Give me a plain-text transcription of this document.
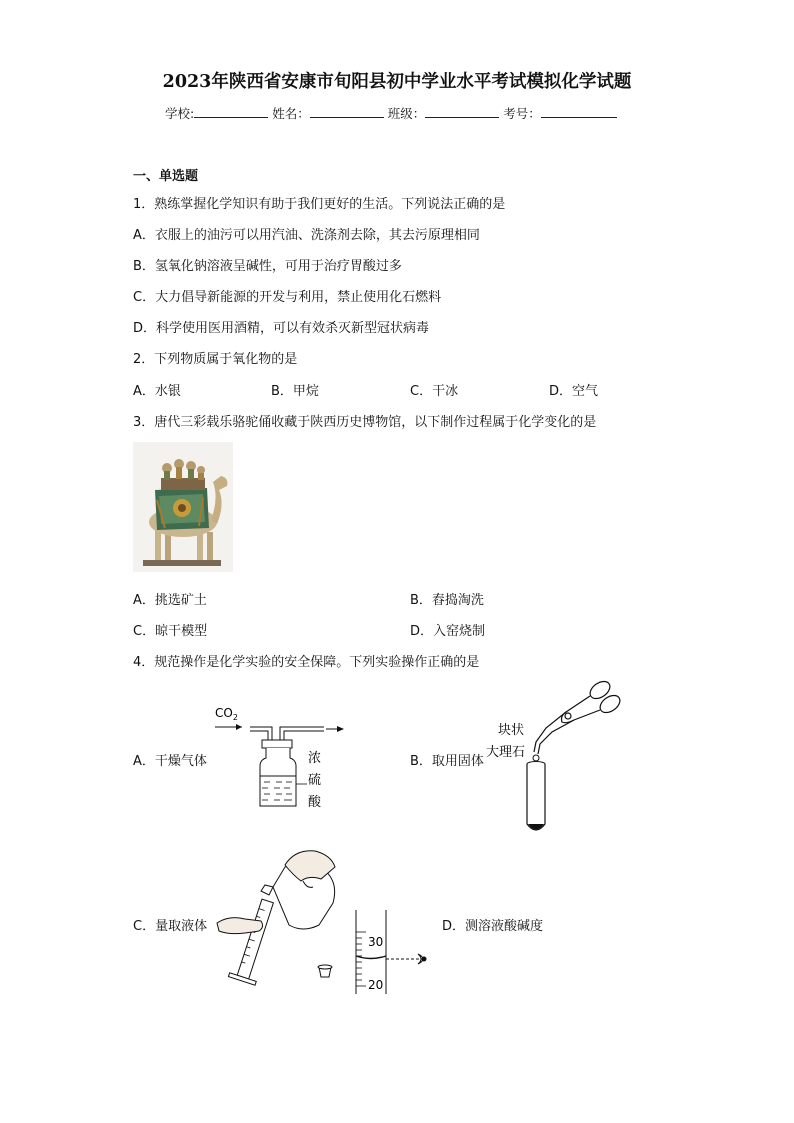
2023年陕西省安康市旬阳县初中学业水平考试模拟化学试题
学校:	姓名：	班级：	考号：
一、单选题
1．熟练掌握化学知识有助于我们更好的生活。下列说法正确的是
A．衣服上的油污可以用汽油、洗涤剂去除，其去污原理相同
B．氢氧化钠溶液呈碱性，可用于治疗胃酸过多
C．大力倡导新能源的开发与利用，禁止使用化石燃料
D．科学使用医用酒精，可以有效杀灭新型冠状病毒
2．下列物质属于氧化物的是
A．水银	B．甲烷	C．干冰	D．空气
3．唐代三彩载乐骆驼俑收藏于陕西历史博物馆，以下制作过程属于化学变化的是
A．挑选矿土	B．舂捣淘洗
C．晾干模型	D．入窑烧制
4．规范操作是化学实验的安全保障。下列实验操作正确的是
A．干燥气体
$CO_2$
浓
硫
酸
B．取用固体
块状
大理石
C．量取液体
30
20
D．测溶液酸碱度
